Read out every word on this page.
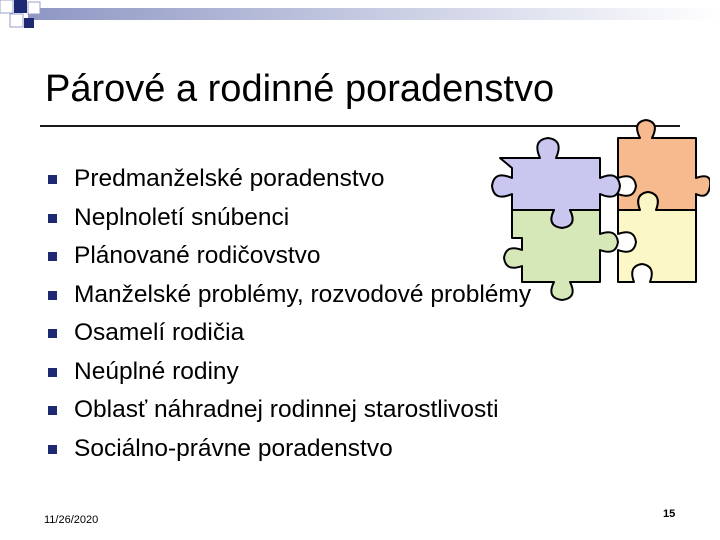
Párové a rodinné poradenstvo
Predmanželské poradenstvo
Neplnoletí snúbenci
Plánované rodičovstvo
Manželské problémy, rozvodové problémy
Osamelí rodičia
Neúplné rodiny
Oblasť náhradnej rodinnej starostlivosti
Sociálno-právne poradenstvo
11/26/2020	15
